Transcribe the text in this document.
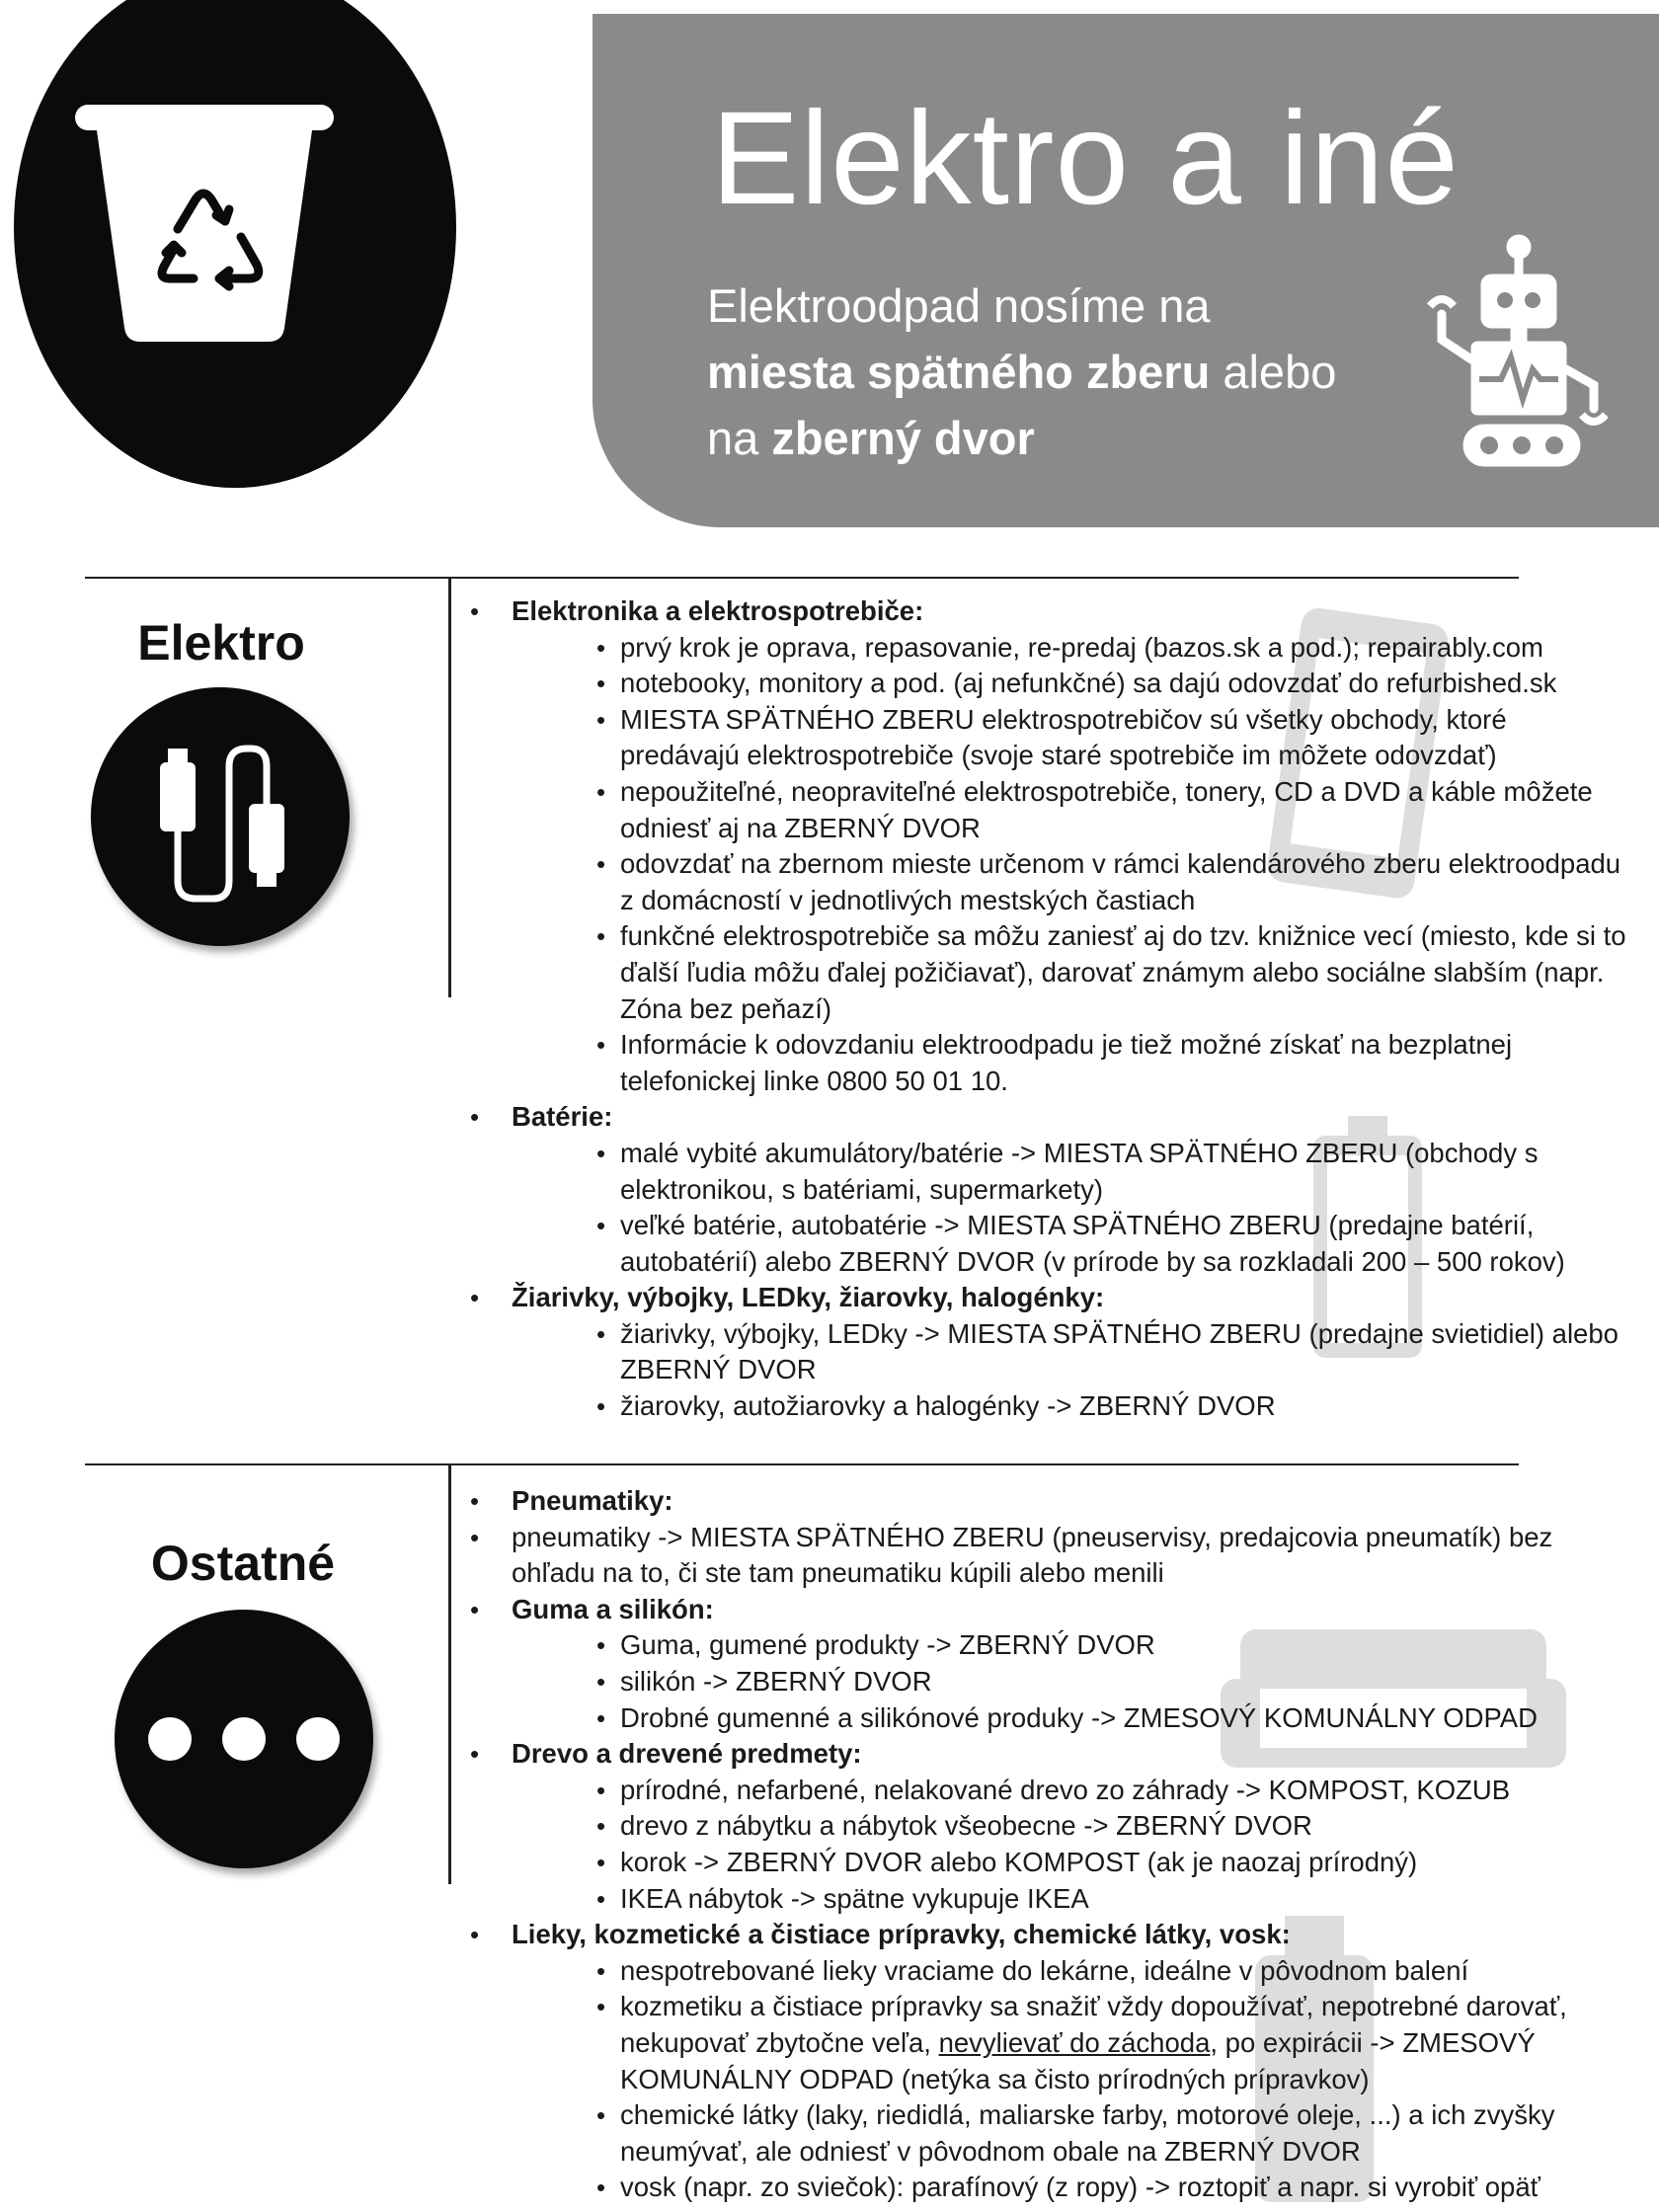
Elektro a iné
Elektroodpad nosíme na
miesta spätného zberu alebo
na zberný dvor
Elektro
Ostatné
• Elektronika a elektrospotrebiče:
• prvý krok je oprava, repasovanie, re-predaj (bazos.sk a pod.); repairably.com
• notebooky, monitory a pod. (aj nefunkčné) sa dajú odovzdať do refurbished.sk
• MIESTA SPÄTNÉHO ZBERU elektrospotrebičov sú všetky obchody, ktoré predávajú elektrospotrebiče (svoje staré spotrebiče im môžete odovzdať)
• nepoužiteľné, neopraviteľné elektrospotrebiče, tonery, CD a DVD a káble môžete odniesť aj na ZBERNÝ DVOR
• odovzdať na zbernom mieste určenom v rámci kalendárového zberu elektroodpadu z domácností v jednotlivých mestských častiach
• funkčné elektrospotrebiče sa môžu zaniesť aj do tzv. knižnice vecí (miesto, kde si to ďalší ľudia môžu ďalej požičiavať), darovať známym alebo sociálne slabším (napr. Zóna bez peňazí)
• Informácie k odovzdaniu elektroodpadu je tiež možné získať na bezplatnej telefonickej linke 0800 50 01 10.
• Batérie:
• malé vybité akumulátory/batérie -> MIESTA SPÄTNÉHO ZBERU (obchody s elektronikou, s batériami, supermarkety)
• veľké batérie, autobatérie -> MIESTA SPÄTNÉHO ZBERU (predajne batérií, autobatérií) alebo ZBERNÝ DVOR (v prírode by sa rozkladali 200 – 500 rokov)
• Žiarivky, výbojky, LEDky, žiarovky, halogénky:
• žiarivky, výbojky, LEDky -> MIESTA SPÄTNÉHO ZBERU (predajne svietidiel) alebo ZBERNÝ DVOR
• žiarovky, autožiarovky a halogénky -> ZBERNÝ DVOR
• Pneumatiky:
• pneumatiky -> MIESTA SPÄTNÉHO ZBERU (pneuservisy, predajcovia pneumatík) bez ohľadu na to, či ste tam pneumatiku kúpili alebo menili
• Guma a silikón:
• Guma, gumené produkty -> ZBERNÝ DVOR
• silikón -> ZBERNÝ DVOR
• Drobné gumenné a silikónové produky -> ZMESOVÝ KOMUNÁLNY ODPAD
• Drevo a drevené predmety:
• prírodné, nefarbené, nelakované drevo zo záhrady -> KOMPOST, KOZUB
• drevo z nábytku a nábytok všeobecne -> ZBERNÝ DVOR
• korok -> ZBERNÝ DVOR alebo KOMPOST (ak je naozaj prírodný)
• IKEA nábytok -> spätne vykupuje IKEA
• Lieky, kozmetické a čistiace prípravky, chemické látky, vosk:
• nespotrebované lieky vraciame do lekárne, ideálne v pôvodnom balení
• kozmetiku a čistiace prípravky sa snažiť vždy dopoužívať, nepotrebné darovať, nekupovať zbytočne veľa, nevylievať do záchoda, po expirácii -> ZMESOVÝ KOMUNÁLNY ODPAD (netýka sa čisto prírodných prípravkov)
• chemické látky (laky, riedidlá, maliarske farby, motorové oleje, ...) a ich zvyšky neumývať, ale odniesť v pôvodnom obale na ZBERNÝ DVOR
• vosk (napr. zo sviečok): parafínový (z ropy) -> roztopiť a napr. si vyrobiť opäť
